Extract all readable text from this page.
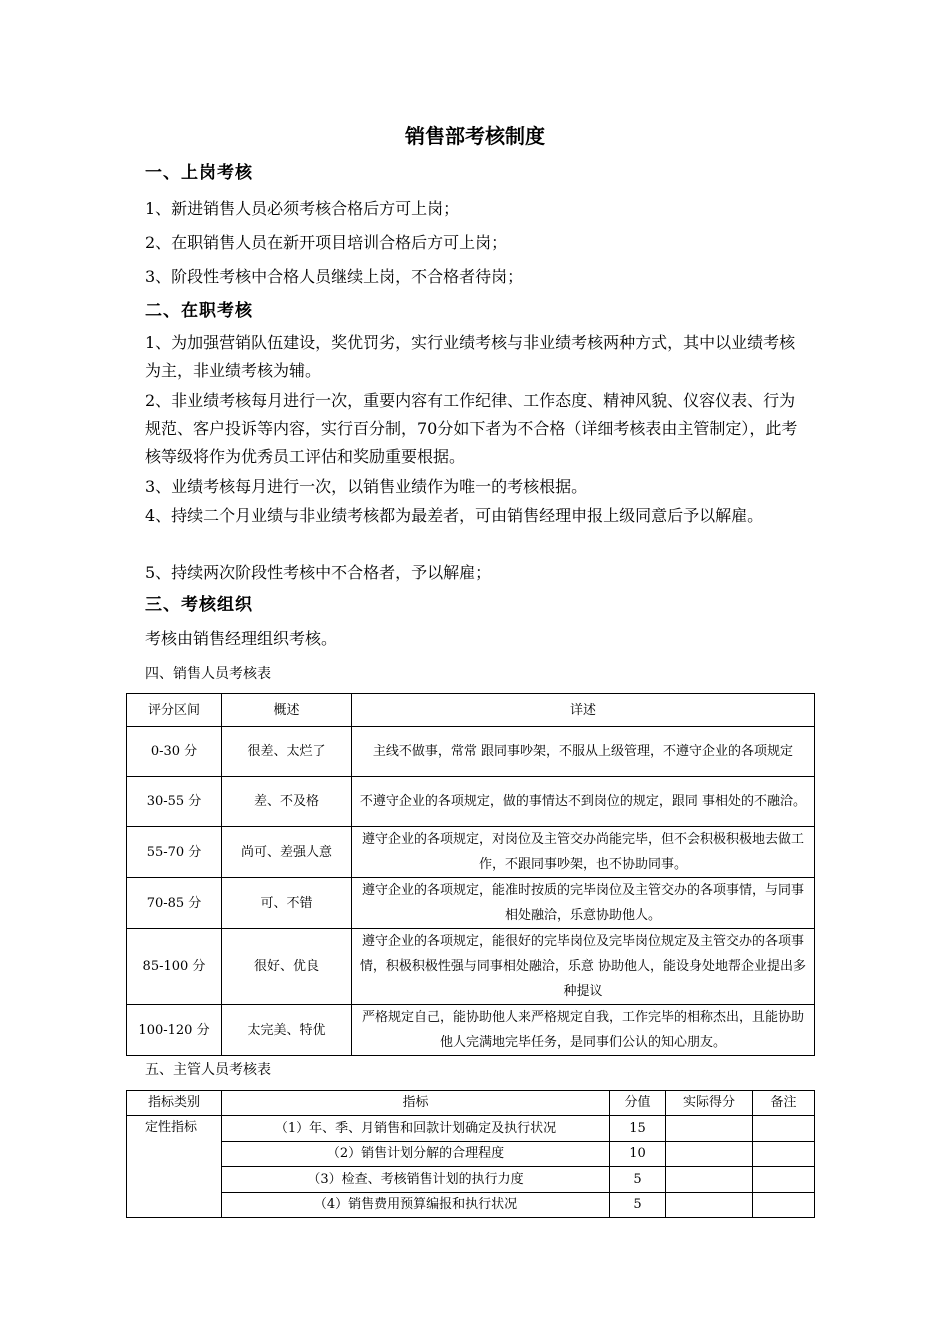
销售部考核制度
一、上岗考核
1、新进销售人员必须考核合格后方可上岗；
2、在职销售人员在新开项目培训合格后方可上岗；
3、阶段性考核中合格人员继续上岗，不合格者待岗；
二、在职考核
1、为加强营销队伍建设，奖优罚劣，实行业绩考核与非业绩考核两种方式，其中以业绩考核为主，非业绩考核为辅。
2、非业绩考核每月进行一次，重要内容有工作纪律、工作态度、精神风貌、仪容仪表、行为规范、客户投诉等内容，实行百分制，70分如下者为不合格（详细考核表由主管制定），此考核等级将作为优秀员工评估和奖励重要根据。
3、业绩考核每月进行一次，以销售业绩作为唯一的考核根据。
4、持续二个月业绩与非业绩考核都为最差者，可由销售经理申报上级同意后予以解雇。
5、持续两次阶段性考核中不合格者，予以解雇；
三、考核组织
考核由销售经理组织考核。
四、销售人员考核表
评分区间	概述	详述
0-30 分	很差、太烂了	主线不做事，常常 跟同事吵架，不服从上级管理，不遵守企业的各项规定
30-55 分	差、不及格	不遵守企业的各项规定，做的事情达不到岗位的规定，跟同 事相处的不融洽。
55-70 分	尚可、差强人意	遵守企业的各项规定，对岗位及主管交办尚能完毕，但不会积极积极地去做工作，不跟同事吵架，也不协助同事。
70-85 分	可、不错	遵守企业的各项规定，能准时按质的完毕岗位及主管交办的各项事情，与同事相处融洽，乐意协助他人。
85-100 分	很好、优良	遵守企业的各项规定，能很好的完毕岗位及完毕岗位规定及主管交办的各项事情，积极积极性强与同事相处融洽，乐意 协助他人，能设身处地帮企业提出多种提议
100-120 分	太完美、特优	严格规定自己，能协助他人来严格规定自我，工作完毕的相称杰出，且能协助他人完满地完毕任务，是同事们公认的知心朋友。
五、主管人员考核表
指标类别	指标	分值	实际得分	备注
定性指标	（1）年、季、月销售和回款计划确定及执行状况	15		
	（2）销售计划分解的合理程度	10		
	（3）检查、考核销售计划的执行力度	5		
	（4）销售费用预算编报和执行状况	5		
